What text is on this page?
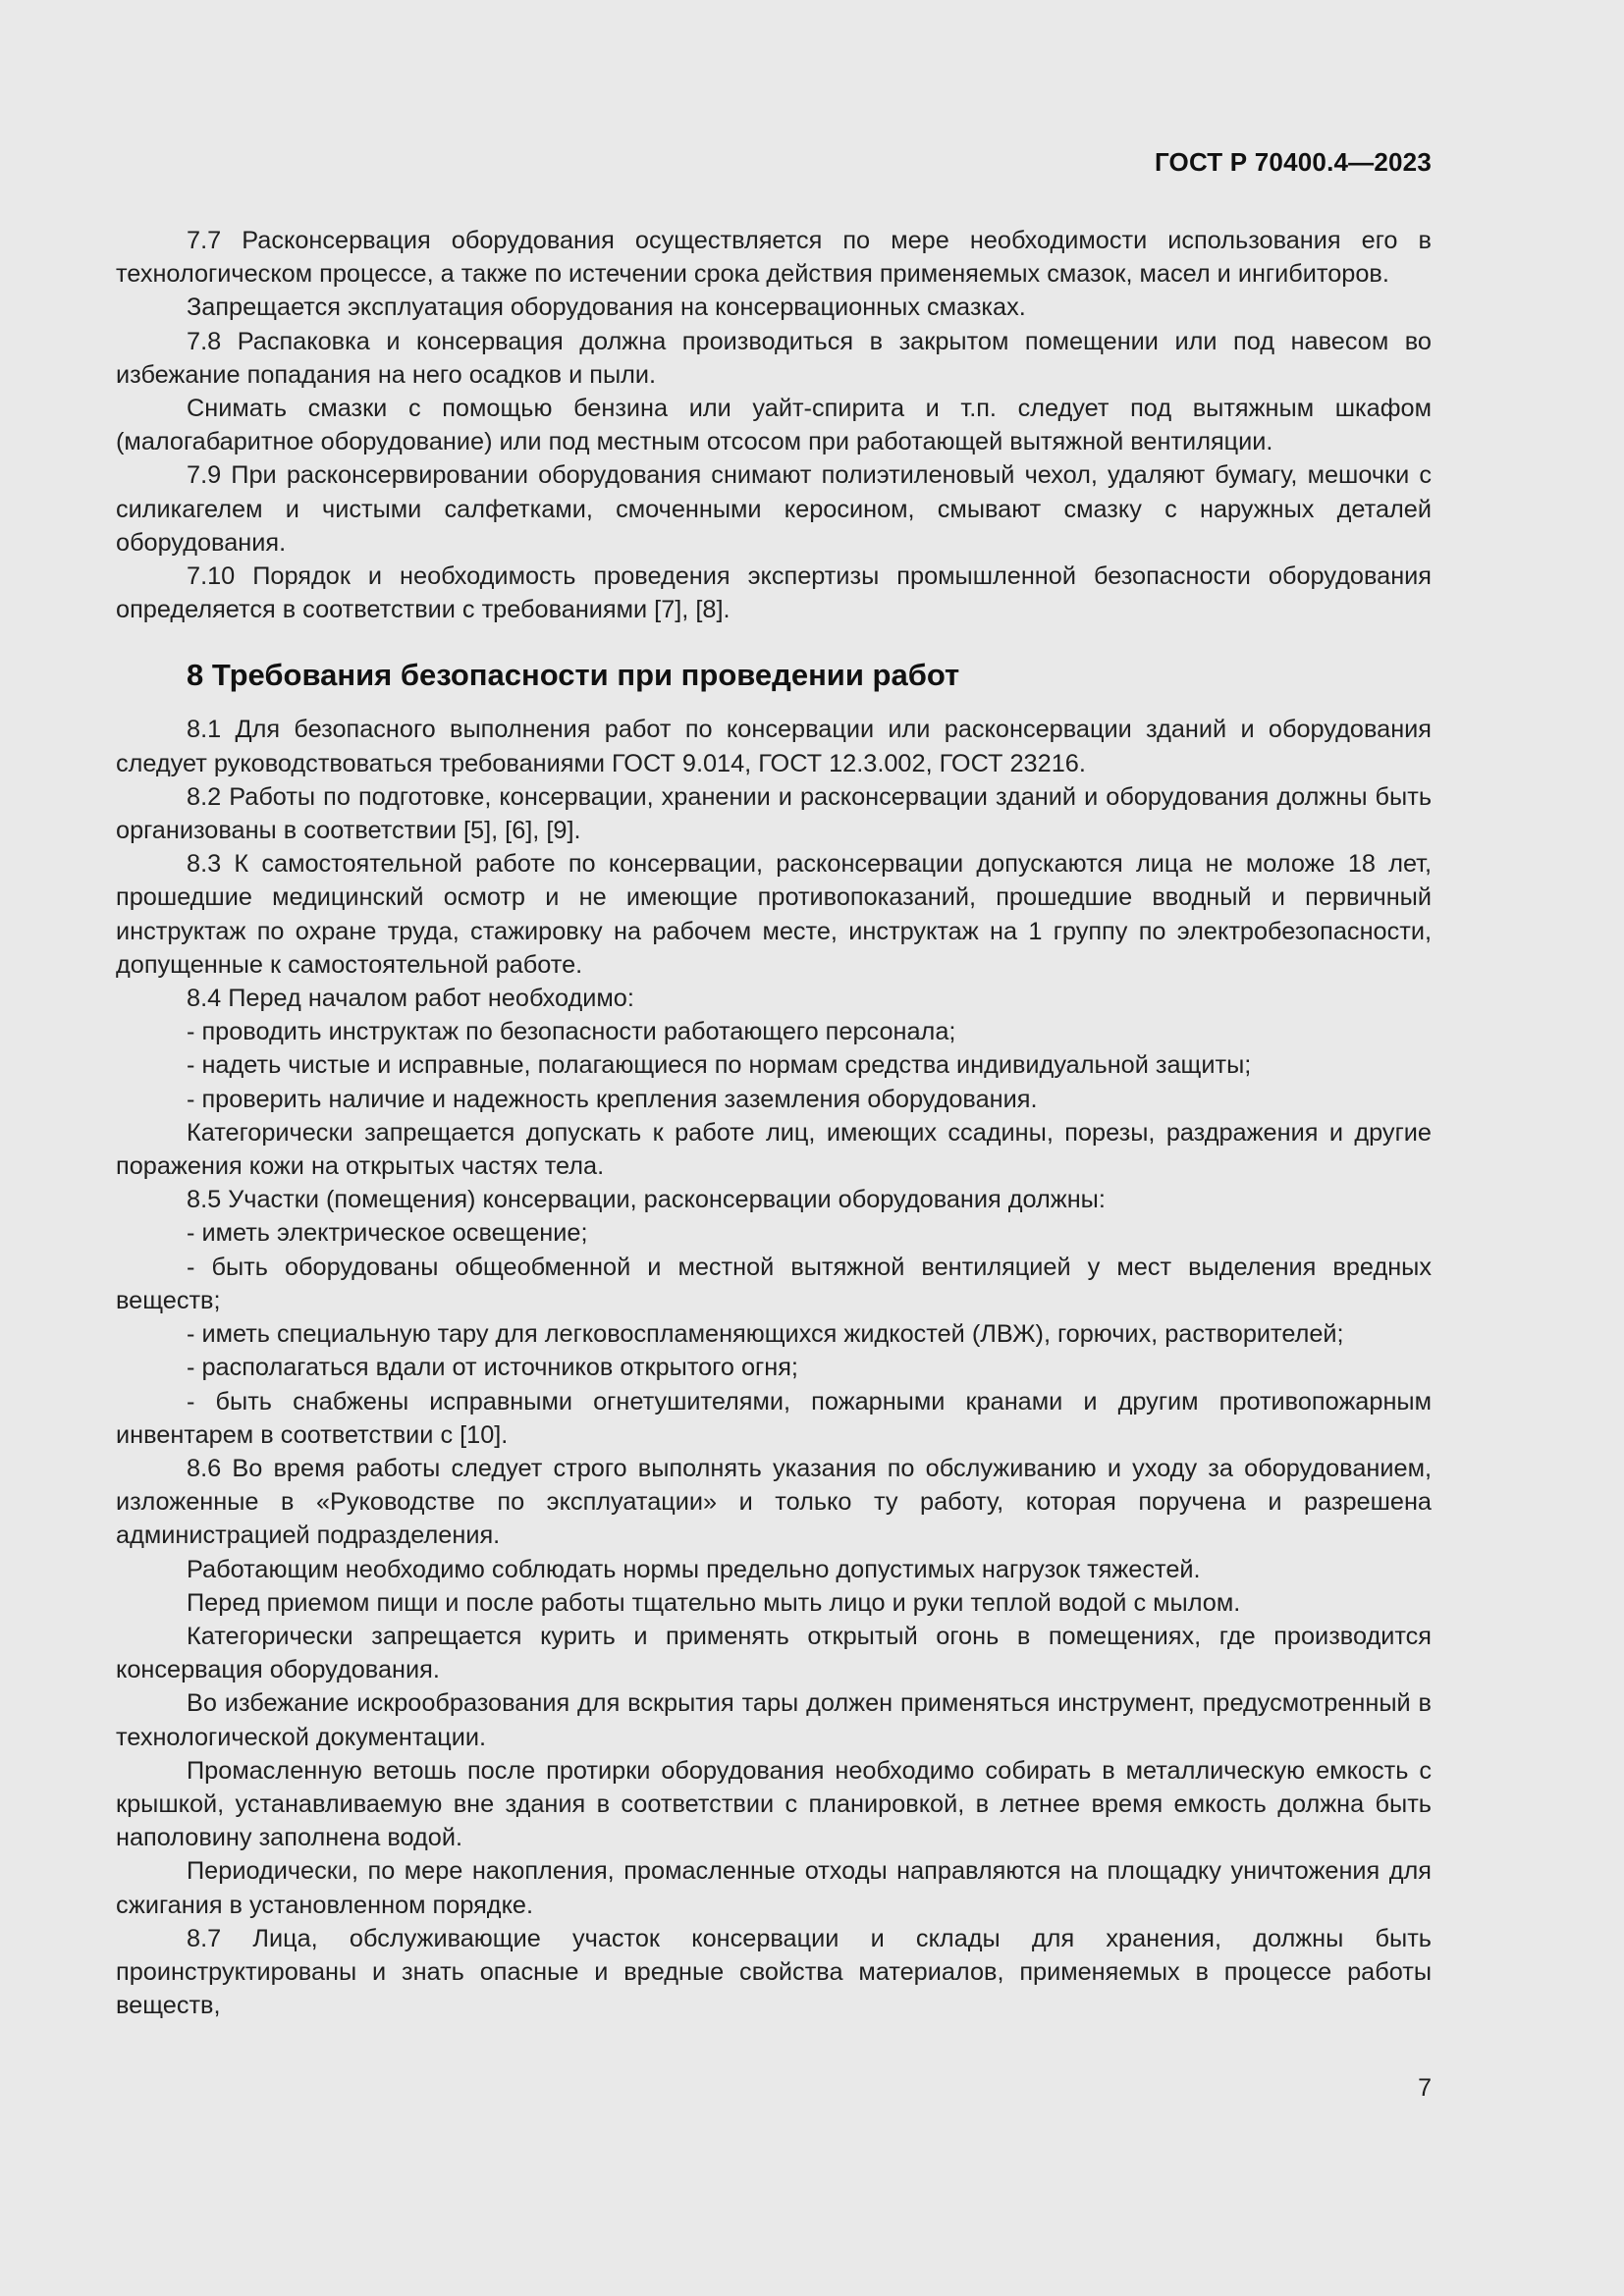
ГОСТ Р 70400.4—2023

7.7 Расконсервация оборудования осуществляется по мере необходимости использования его в технологическом процессе, а также по истечении срока действия применяемых смазок, масел и ингибиторов.

Запрещается эксплуатация оборудования на консервационных смазках.

7.8 Распаковка и консервация должна производиться в закрытом помещении или под навесом во избежание попадания на него осадков и пыли.

Снимать смазки с помощью бензина или уайт-спирита и т.п. следует под вытяжным шкафом (малогабаритное оборудование) или под местным отсосом при работающей вытяжной вентиляции.

7.9 При расконсервировании оборудования снимают полиэтиленовый чехол, удаляют бумагу, мешочки с силикагелем и чистыми салфетками, смоченными керосином, смывают смазку с наружных деталей оборудования.

7.10 Порядок и необходимость проведения экспертизы промышленной безопасности оборудования определяется в соответствии с требованиями [7], [8].

8 Требования безопасности при проведении работ

8.1 Для безопасного выполнения работ по консервации или расконсервации зданий и оборудования следует руководствоваться требованиями ГОСТ 9.014, ГОСТ 12.3.002, ГОСТ 23216.

8.2 Работы по подготовке, консервации, хранении и расконсервации зданий и оборудования должны быть организованы в соответствии [5], [6], [9].

8.3 К самостоятельной работе по консервации, расконсервации допускаются лица не моложе 18 лет, прошедшие медицинский осмотр и не имеющие противопоказаний, прошедшие вводный и первичный инструктаж по охране труда, стажировку на рабочем месте, инструктаж на 1 группу по электробезопасности, допущенные к самостоятельной работе.

8.4 Перед началом работ необходимо:

- проводить инструктаж по безопасности работающего персонала;

- надеть чистые и исправные, полагающиеся по нормам средства индивидуальной защиты;

- проверить наличие и надежность крепления заземления оборудования.

Категорически запрещается допускать к работе лиц, имеющих ссадины, порезы, раздражения и другие поражения кожи на открытых частях тела.

8.5 Участки (помещения) консервации, расконсервации оборудования должны:

- иметь электрическое освещение;

- быть оборудованы общеобменной и местной вытяжной вентиляцией у мест выделения вредных веществ;

- иметь специальную тару для легковоспламеняющихся жидкостей (ЛВЖ), горючих, растворителей;

- располагаться вдали от источников открытого огня;

- быть снабжены исправными огнетушителями, пожарными кранами и другим противопожарным инвентарем в соответствии с [10].

8.6 Во время работы следует строго выполнять указания по обслуживанию и уходу за оборудованием, изложенные в «Руководстве по эксплуатации» и только ту работу, которая поручена и разрешена администрацией подразделения.

Работающим необходимо соблюдать нормы предельно допустимых нагрузок тяжестей.

Перед приемом пищи и после работы тщательно мыть лицо и руки теплой водой с мылом.

Категорически запрещается курить и применять открытый огонь в помещениях, где производится консервация оборудования.

Во избежание искрообразования для вскрытия тары должен применяться инструмент, предусмотренный в технологической документации.

Промасленную ветошь после протирки оборудования необходимо собирать в металлическую емкость с крышкой, устанавливаемую вне здания в соответствии с планировкой, в летнее время емкость должна быть наполовину заполнена водой.

Периодически, по мере накопления, промасленные отходы направляются на площадку уничтожения для сжигания в установленном порядке.

8.7 Лица, обслуживающие участок консервации и склады для хранения, должны быть проинструктированы и знать опасные и вредные свойства материалов, применяемых в процессе работы веществ,

7
